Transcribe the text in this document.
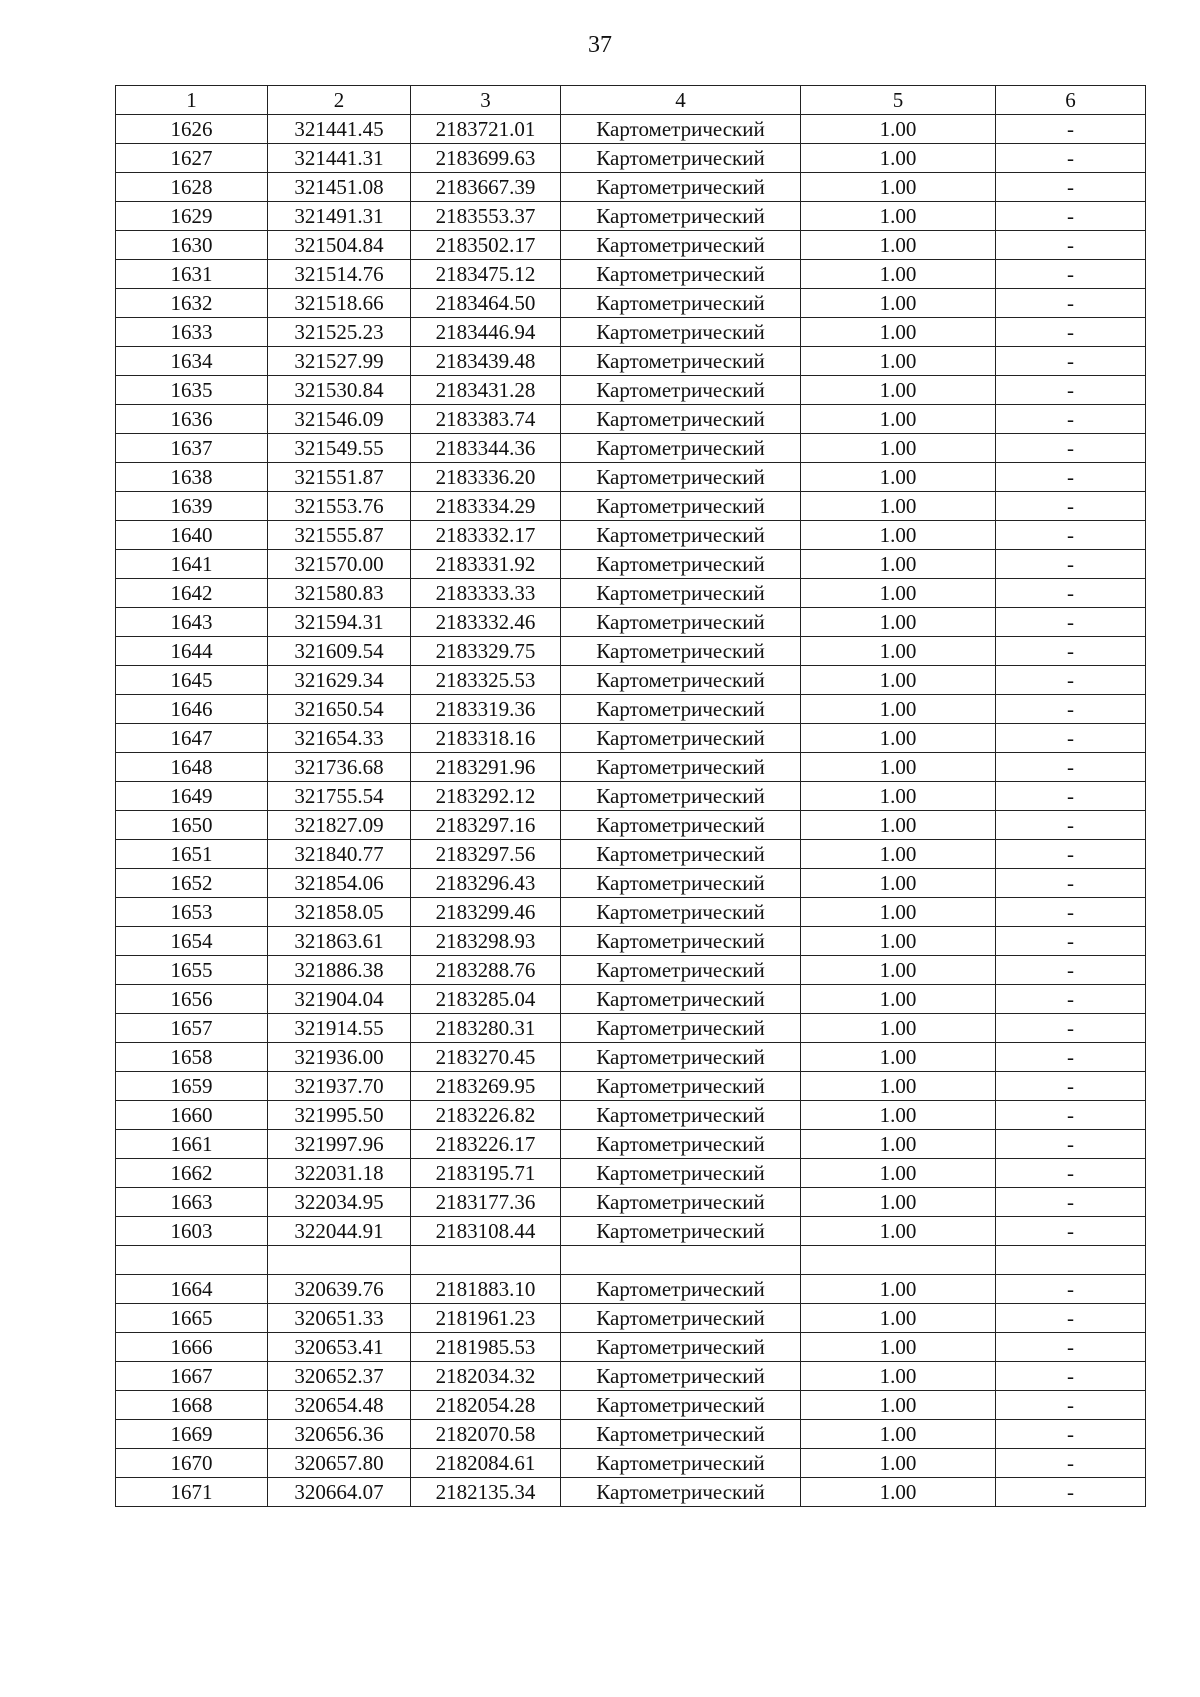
37
1	2	3	4	5	6
1626	321441.45	2183721.01	Картометрический	1.00	-
1627	321441.31	2183699.63	Картометрический	1.00	-
1628	321451.08	2183667.39	Картометрический	1.00	-
1629	321491.31	2183553.37	Картометрический	1.00	-
1630	321504.84	2183502.17	Картометрический	1.00	-
1631	321514.76	2183475.12	Картометрический	1.00	-
1632	321518.66	2183464.50	Картометрический	1.00	-
1633	321525.23	2183446.94	Картометрический	1.00	-
1634	321527.99	2183439.48	Картометрический	1.00	-
1635	321530.84	2183431.28	Картометрический	1.00	-
1636	321546.09	2183383.74	Картометрический	1.00	-
1637	321549.55	2183344.36	Картометрический	1.00	-
1638	321551.87	2183336.20	Картометрический	1.00	-
1639	321553.76	2183334.29	Картометрический	1.00	-
1640	321555.87	2183332.17	Картометрический	1.00	-
1641	321570.00	2183331.92	Картометрический	1.00	-
1642	321580.83	2183333.33	Картометрический	1.00	-
1643	321594.31	2183332.46	Картометрический	1.00	-
1644	321609.54	2183329.75	Картометрический	1.00	-
1645	321629.34	2183325.53	Картометрический	1.00	-
1646	321650.54	2183319.36	Картометрический	1.00	-
1647	321654.33	2183318.16	Картометрический	1.00	-
1648	321736.68	2183291.96	Картометрический	1.00	-
1649	321755.54	2183292.12	Картометрический	1.00	-
1650	321827.09	2183297.16	Картометрический	1.00	-
1651	321840.77	2183297.56	Картометрический	1.00	-
1652	321854.06	2183296.43	Картометрический	1.00	-
1653	321858.05	2183299.46	Картометрический	1.00	-
1654	321863.61	2183298.93	Картометрический	1.00	-
1655	321886.38	2183288.76	Картометрический	1.00	-
1656	321904.04	2183285.04	Картометрический	1.00	-
1657	321914.55	2183280.31	Картометрический	1.00	-
1658	321936.00	2183270.45	Картометрический	1.00	-
1659	321937.70	2183269.95	Картометрический	1.00	-
1660	321995.50	2183226.82	Картометрический	1.00	-
1661	321997.96	2183226.17	Картометрический	1.00	-
1662	322031.18	2183195.71	Картометрический	1.00	-
1663	322034.95	2183177.36	Картометрический	1.00	-
1603	322044.91	2183108.44	Картометрический	1.00	-

1664	320639.76	2181883.10	Картометрический	1.00	-
1665	320651.33	2181961.23	Картометрический	1.00	-
1666	320653.41	2181985.53	Картометрический	1.00	-
1667	320652.37	2182034.32	Картометрический	1.00	-
1668	320654.48	2182054.28	Картометрический	1.00	-
1669	320656.36	2182070.58	Картометрический	1.00	-
1670	320657.80	2182084.61	Картометрический	1.00	-
1671	320664.07	2182135.34	Картометрический	1.00	-
